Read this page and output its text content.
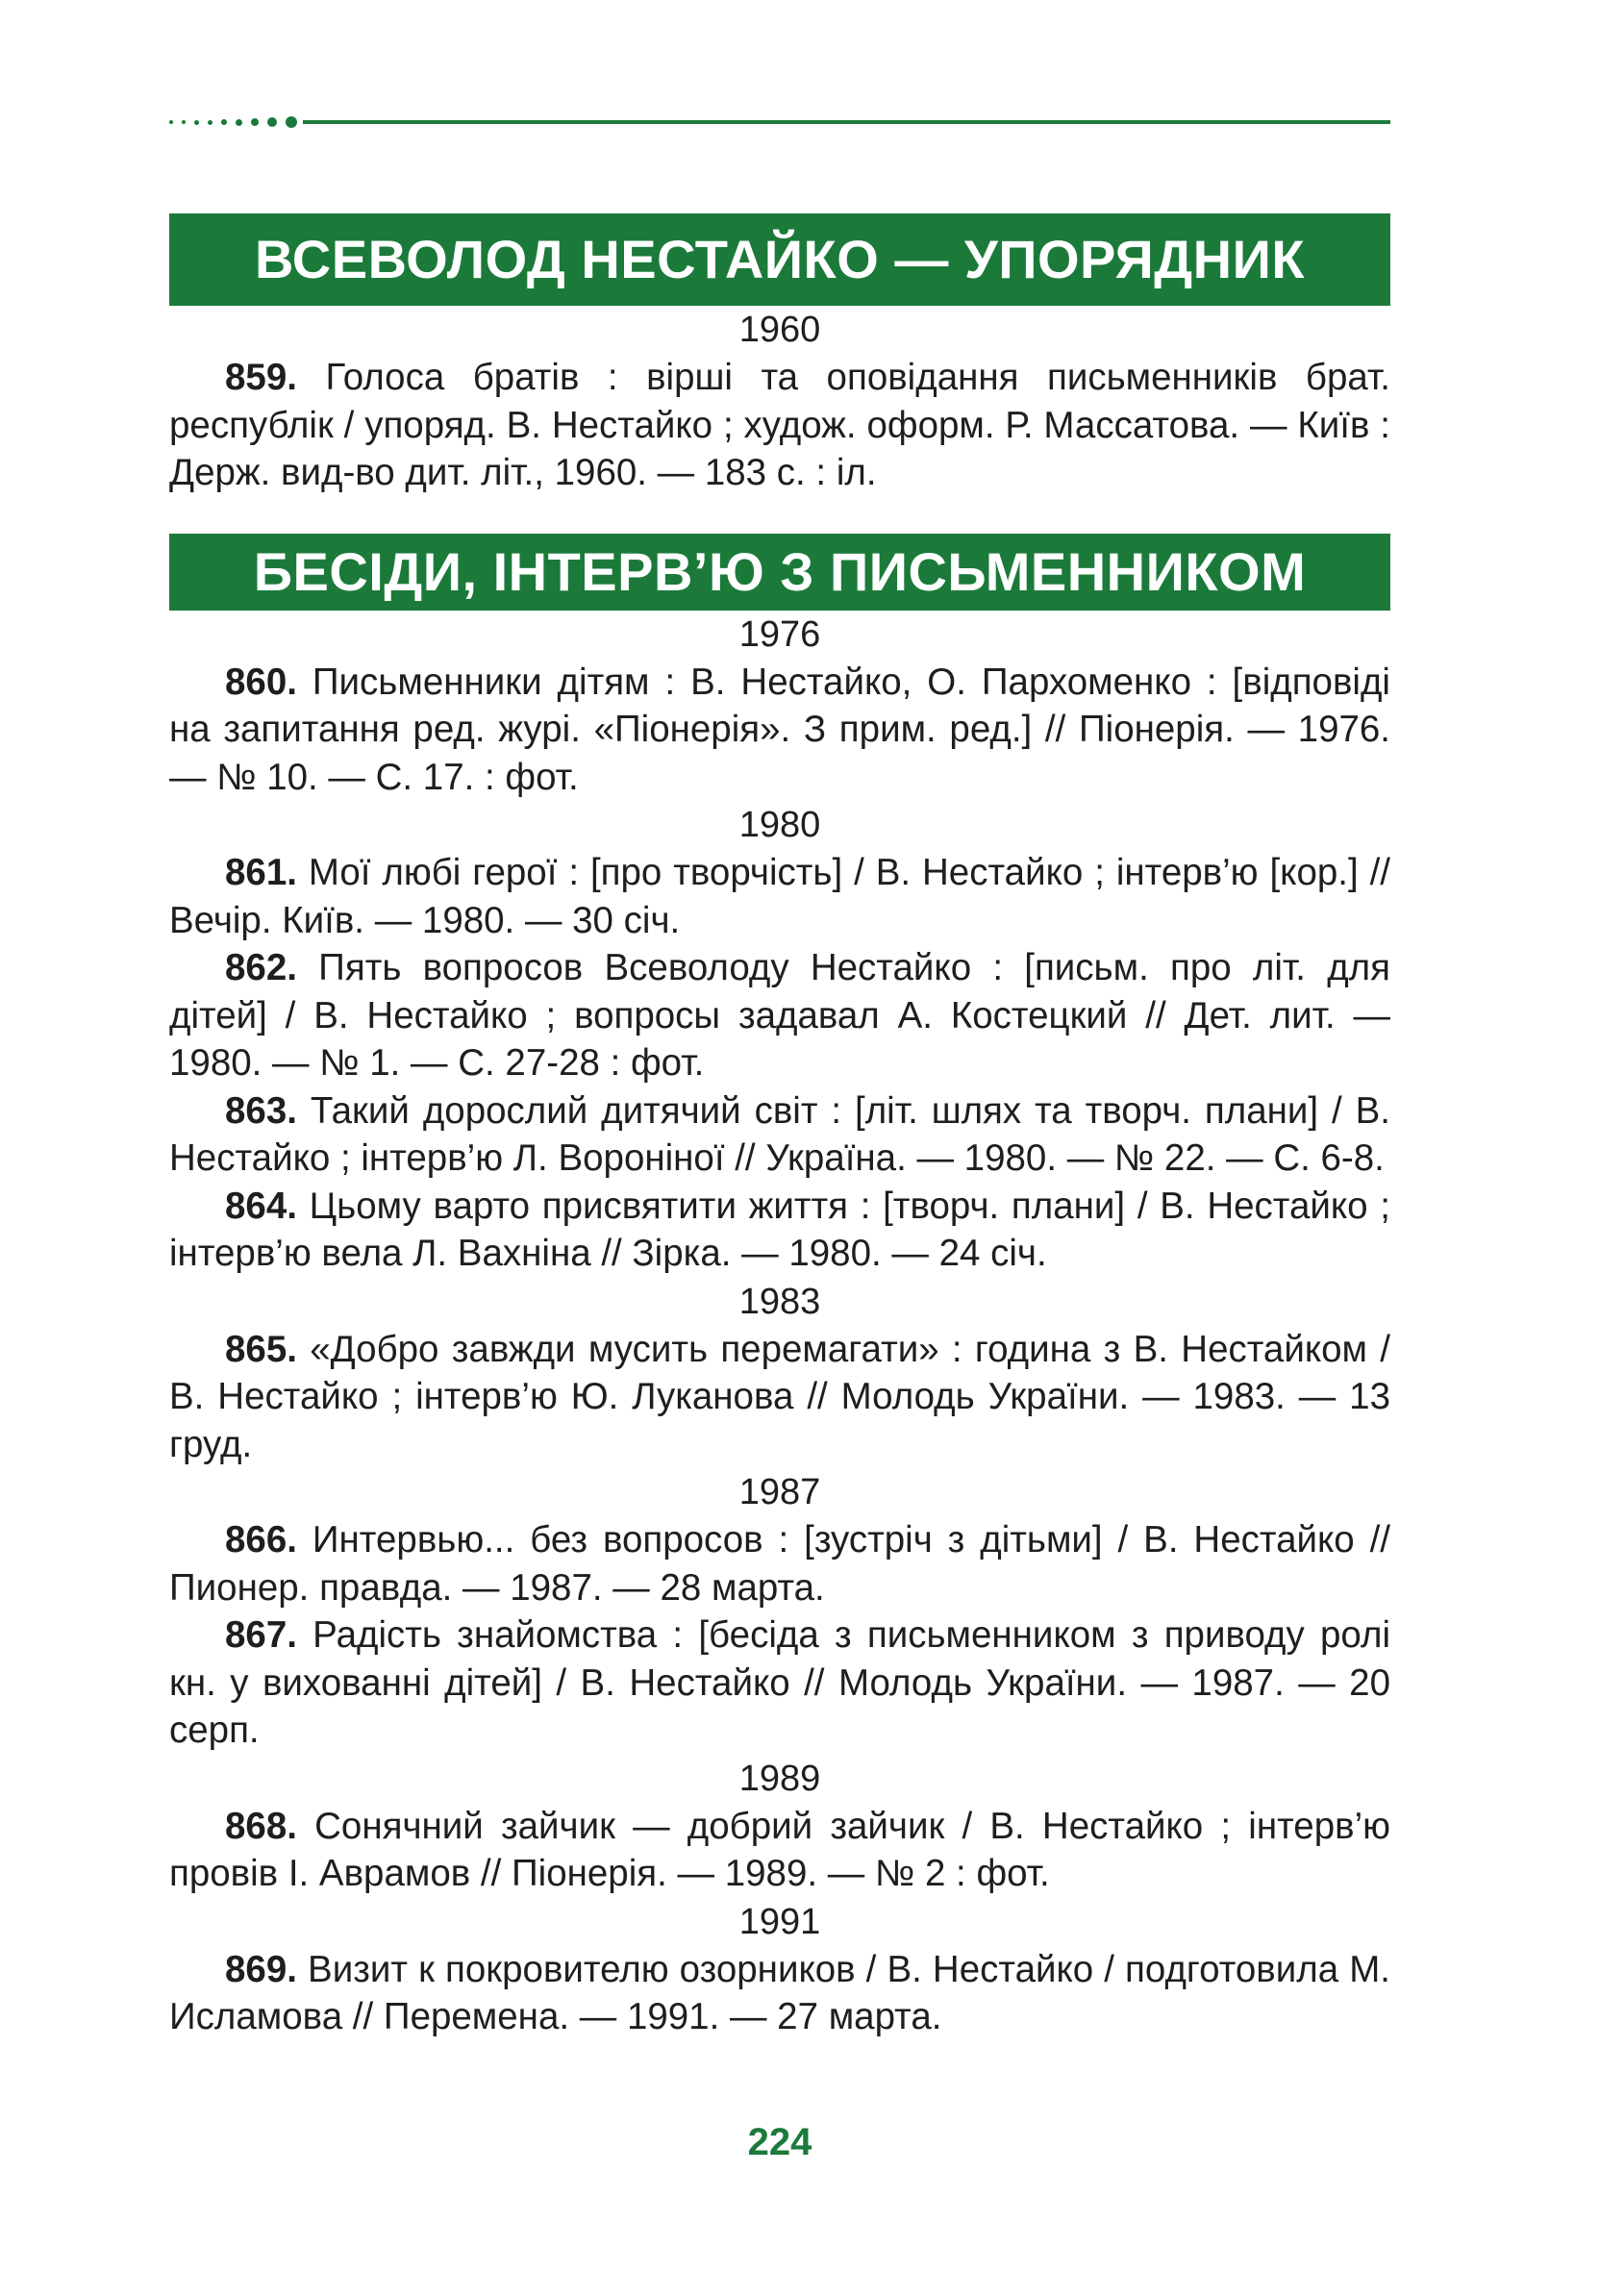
ВСЕВОЛОД НЕСТАЙКО — УПОРЯДНИК
1960

859. Голоса братів : вірші та оповідання письменників брат. республік / упоряд. В. Нестайко ; худож. оформ. Р. Массатова. — Київ : Держ. вид-во дит. літ., 1960. — 183 с. : іл.

БЕСІДИ, ІНТЕРВ’Ю З ПИСЬМЕННИКОМ
1976

860. Письменники дітям : В. Нестайко, О. Пархоменко : [відповіді на запитання ред. журі. «Піонерія». З прим. ред.] // Піонерія. — 1976. — № 10. — С. 17. : фот.

1980

861. Мої любі герої : [про творчість] / В. Нестайко ; інтерв’ю [кор.] // Вечір. Київ. — 1980. — 30 січ.

862. Пять вопросов Всеволоду Нестайко : [письм. про літ. для дітей] / В. Нестайко ; вопросы задавал А. Костецкий // Дет. лит. — 1980. — № 1. — С. 27-28 : фот.

863. Такий дорослий дитячий світ : [літ. шлях та творч. плани] / В. Нестайко ; інтерв’ю Л. Вороніної // Україна. — 1980. — № 22. — С. 6-8.

864. Цьому варто присвятити життя : [творч. плани] / В. Нестайко ; інтерв’ю вела Л. Вахніна // Зірка. — 1980. — 24 січ.

1983

865. «Добро завжди мусить перемагати» : година з В. Нестайком / В. Нестайко ; інтерв’ю Ю. Луканова // Молодь України. — 1983. — 13 груд.

1987

866. Интервью... без вопросов : [зустріч з дітьми] / В. Нестайко // Пионер. правда. — 1987. — 28 марта.

867. Радість знайомства : [бесіда з письменником з приводу ролі кн. у вихованні дітей] / В. Нестайко // Молодь України. — 1987. — 20 серп.

1989

868. Сонячний зайчик — добрий зайчик / В. Нестайко ; інтерв’ю провів І. Аврамов // Піонерія. — 1989. — № 2 : фот.

1991

869. Визит к покровителю озорников / В. Нестайко / подготовила М. Исламова // Перемена. — 1991. — 27 марта.

224
